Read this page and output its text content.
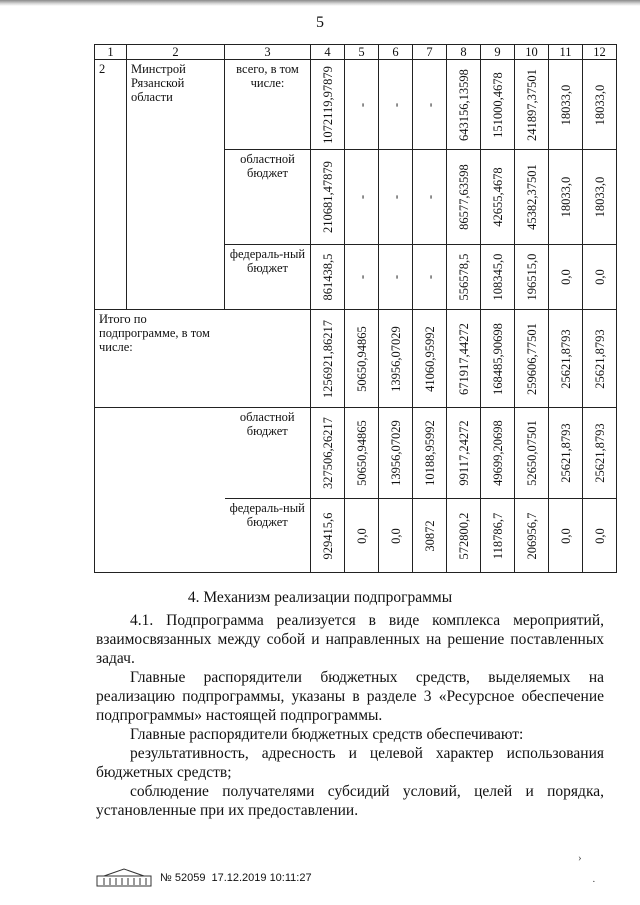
5
1	2	3	4	5	6	7	8	9	10	11	12
2	Минстрой Рязанской области	всего, в том числе:	1072119,97879	-	-	-	643156,13598	151000,4678	241897,37501	18033,0	18033,0

		областной бюджет	210681,47879	-	-	-	86577,63598	42655,4678	45382,37501	18033,0	18033,0

		федераль-ный бюджет	861438,5	-	-	-	556578,5	108345,0	196515,0	0,0	0,0

Итого по подпрограмме, в том числе:			1256921,86217	50650,94865	13956,07029	41060,95992	671917,44272	168485,90698	259606,77501	25621,8793	25621,8793

		областной бюджет	327506,26217	50650,94865	13956,07029	10188,95992	99117,24272	49699,20698	52650,07501	25621,8793	25621,8793

		федераль-ный бюджет	929415,6	0,0	0,0	30872	572800,2	118786,7	206956,7	0,0	0,0
4. Механизм реализации подпрограммы

4.1. Подпрограмма реализуется в виде комплекса мероприятий, взаимосвязанных между собой и направленных на решение поставленных задач.

Главные распорядители бюджетных средств, выделяемых на реализацию подпрограммы, указаны в разделе 3 «Ресурсное обеспечение подпрограммы» настоящей подпрограммы.

Главные распорядители бюджетных средств обеспечивают:

результативность, адресность и целевой характер использования бюджетных средств;

соблюдение получателями субсидий условий, целей и порядка, установленные при их предоставлении.

№ 52059 17.12.2019 10:11:27
›
·
